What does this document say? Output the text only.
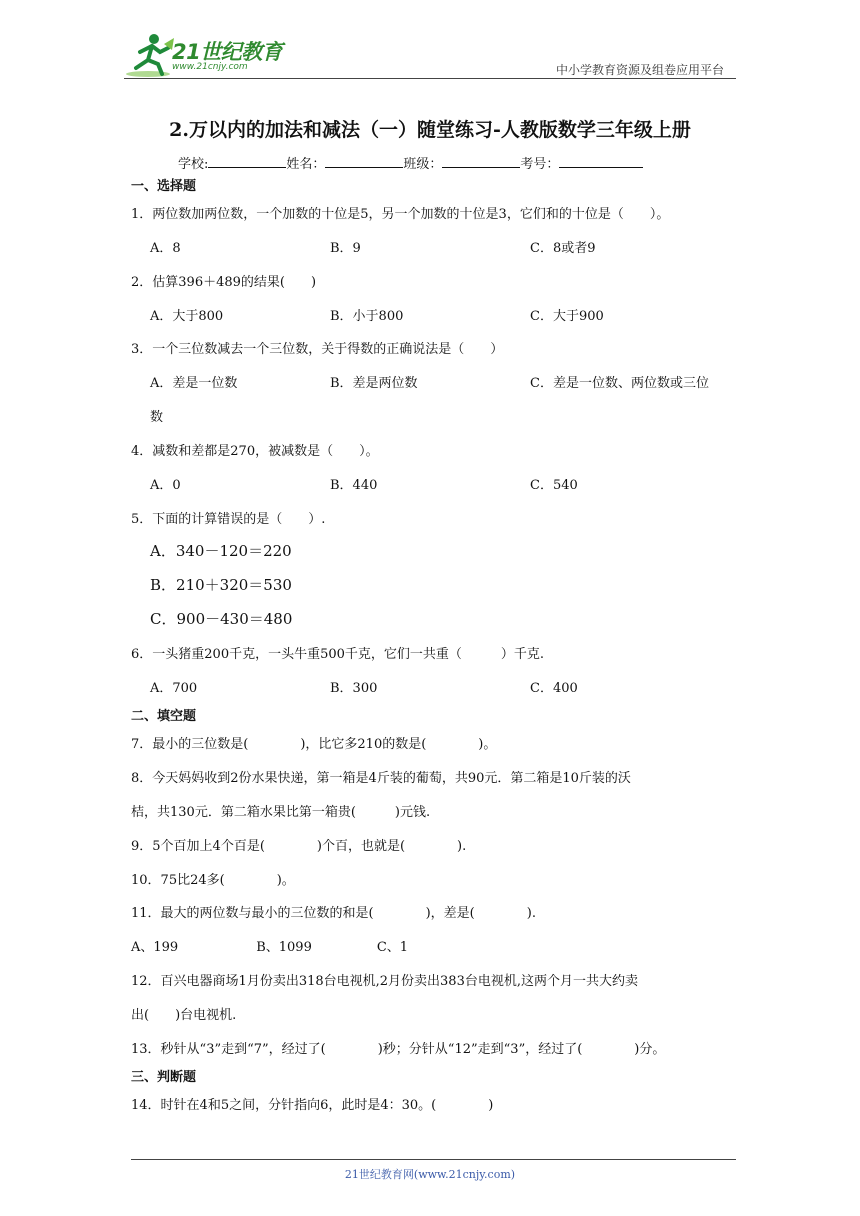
21世纪教育
www.21cnjy.com	中小学教育资源及组卷应用平台
2.万以内的加法和减法（一）随堂练习-人教版数学三年级上册
学校:	姓名：	班级：	考号：
一、选择题
1．两位数加两位数，一个加数的十位是5，另一个加数的十位是3，它们和的十位是（　　）。
A．8	B．9	C．8或者9
2．估算396＋489的结果(　　)
A．大于800	B．小于800	C．大于900
3．一个三位数减去一个三位数，关于得数的正确说法是（　　）
A．差是一位数	B．差是两位数	C．差是一位数、两位数或三位
数
4．减数和差都是270，被减数是（　　）。
A．0	B．440	C．540
5．下面的计算错误的是（　　）.
A．340－120＝220
B．210＋320＝530
C．900－430＝480
6．一头猪重200千克，一头牛重500千克，它们一共重（　　　）千克.
A．700	B．300	C．400
二、填空题
7．最小的三位数是(　　　　)，比它多210的数是(　　　　)。
8．今天妈妈收到2份水果快递，第一箱是4斤装的葡萄，共90元．第二箱是10斤装的沃
桔，共130元．第二箱水果比第一箱贵(　　　)元钱.
9．5个百加上4个百是(　　　　)个百，也就是(　　　　).
10．75比24多(　　　　)。
11．最大的两位数与最小的三位数的和是(　　　　)，差是(　　　　).
A、199　　　　　　B、1099　　　　　C、1
12．百兴电器商场1月份卖出318台电视机,2月份卖出383台电视机,这两个月一共大约卖
出(　　)台电视机.
13．秒针从“3”走到“7”，经过了(　　　　)秒；分针从“12”走到“3”，经过了(　　　　)分。
三、判断题
14．时针在4和5之间，分针指向6，此时是4：30。(　　　　)
21世纪教育网(www.21cnjy.com)
